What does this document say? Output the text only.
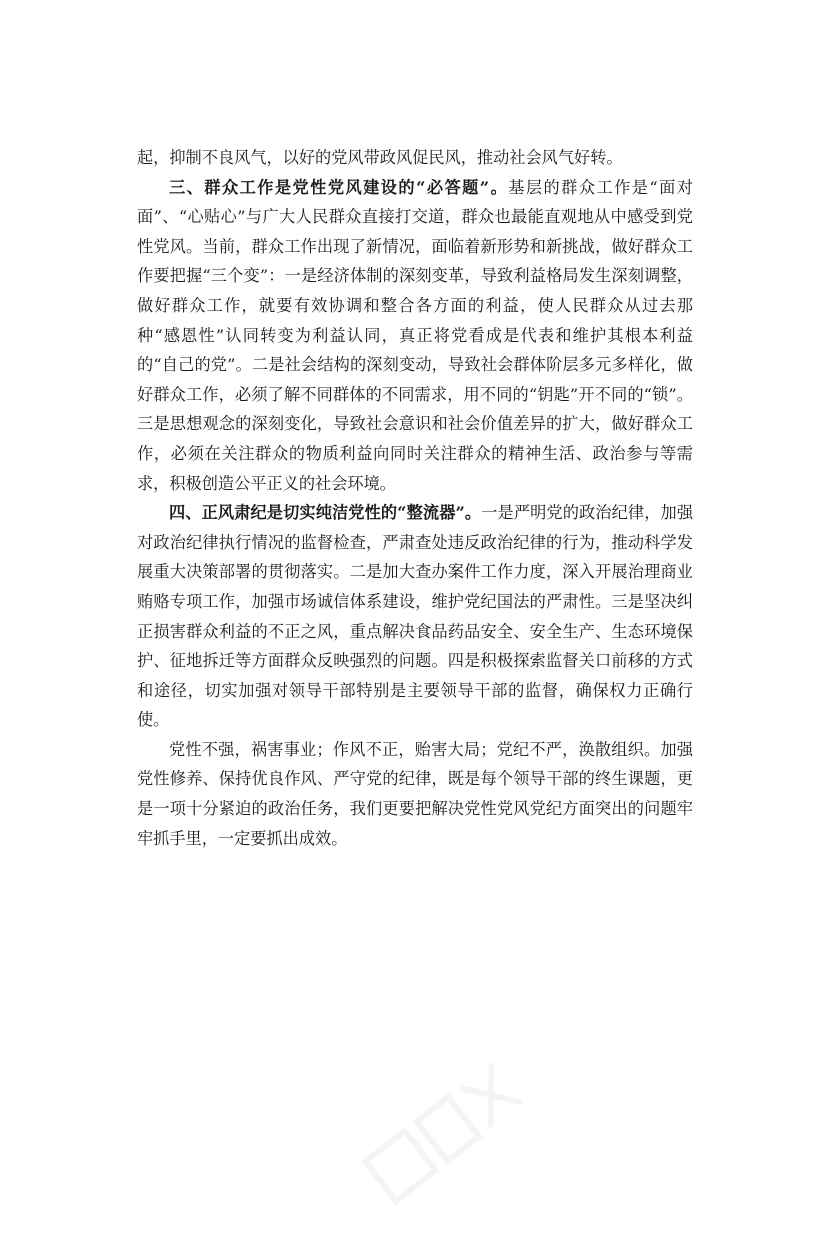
起，抑制不良风气，以好的党风带政风促民风，推动社会风气好转。

三、群众工作是党性党风建设的“必答题”。基层的群众工作是“面对面”、“心贴心”与广大人民群众直接打交道，群众也最能直观地从中感受到党性党风。当前，群众工作出现了新情况，面临着新形势和新挑战，做好群众工作要把握“三个变”：一是经济体制的深刻变革，导致利益格局发生深刻调整，做好群众工作，就要有效协调和整合各方面的利益，使人民群众从过去那种“感恩性”认同转变为利益认同，真正将党看成是代表和维护其根本利益的“自己的党”。二是社会结构的深刻变动，导致社会群体阶层多元多样化，做好群众工作，必须了解不同群体的不同需求，用不同的“钥匙”开不同的“锁”。三是思想观念的深刻变化，导致社会意识和社会价值差异的扩大，做好群众工作，必须在关注群众的物质利益向同时关注群众的精神生活、政治参与等需求，积极创造公平正义的社会环境。

四、正风肃纪是切实纯洁党性的“整流器”。一是严明党的政治纪律，加强对政治纪律执行情况的监督检查，严肃查处违反政治纪律的行为，推动科学发展重大决策部署的贯彻落实。二是加大查办案件工作力度，深入开展治理商业贿赂专项工作，加强市场诚信体系建设，维护党纪国法的严肃性。三是坚决纠正损害群众利益的不正之风，重点解决食品药品安全、安全生产、生态环境保护、征地拆迁等方面群众反映强烈的问题。四是积极探索监督关口前移的方式和途径，切实加强对领导干部特别是主要领导干部的监督，确保权力正确行使。

党性不强，祸害事业；作风不正，贻害大局；党纪不严，涣散组织。加强党性修养、保持优良作风、严守党的纪律，既是每个领导干部的终生课题，更是一项十分紧迫的政治任务，我们更要把解决党性党风党纪方面突出的问题牢牢抓手里，一定要抓出成效。
